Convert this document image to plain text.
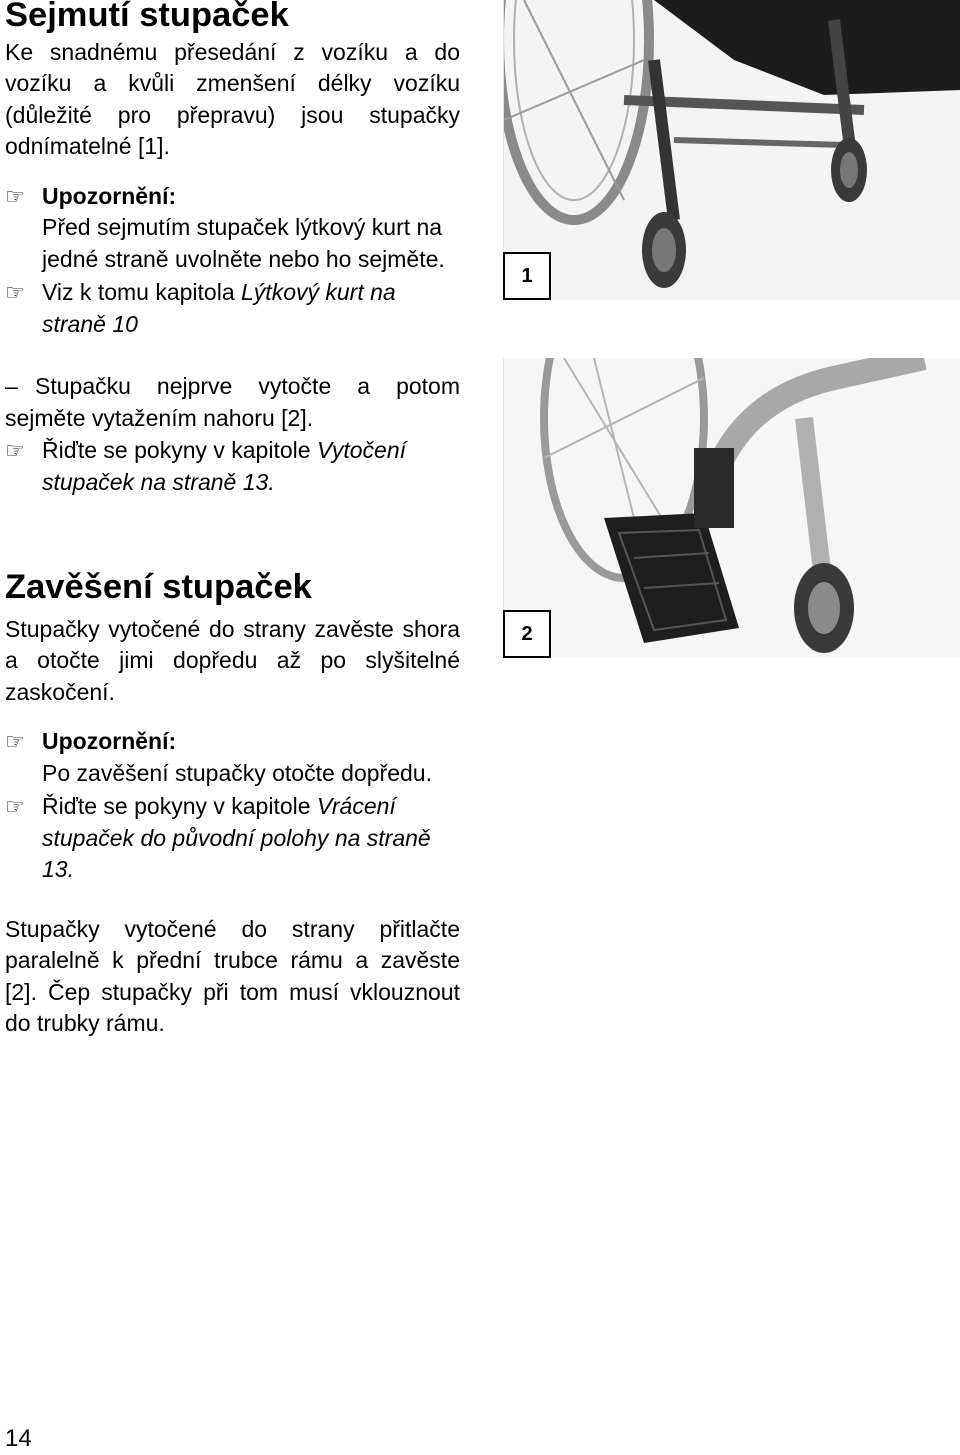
Sejmutí stupaček

Ke snadnému přesedání z vozíku a do vozíku a kvůli zmenšení délky vozíku (důležité pro přepravu) jsou stupačky odnímatelné [1].

☞ Upozornění:
Před sejmutím stupaček lýtkový kurt na jedné straně uvolněte nebo ho sejměte.
☞ Viz k tomu kapitola Lýtkový kurt na straně 10

– Stupačku nejprve vytočte a potom sejměte vytažením nahoru [2].

☞ Řiďte se pokyny v kapitole Vytočení stupaček na straně 13.
Zavěšení stupaček

Stupačky vytočené do strany zavěste shora a otočte jimi dopředu až po slyšitelné zaskočení.

☞ Upozornění:
Po zavěšení stupačky otočte dopředu.
☞ Řiďte se pokyny v kapitole Vrácení stupaček do původní polohy na straně 13.

Stupačky vytočené do strany přitlačte paralelně k přední trubce rámu a zavěste [2]. Čep stupačky při tom musí vklouznout do trubky rámu.

1
2
14
